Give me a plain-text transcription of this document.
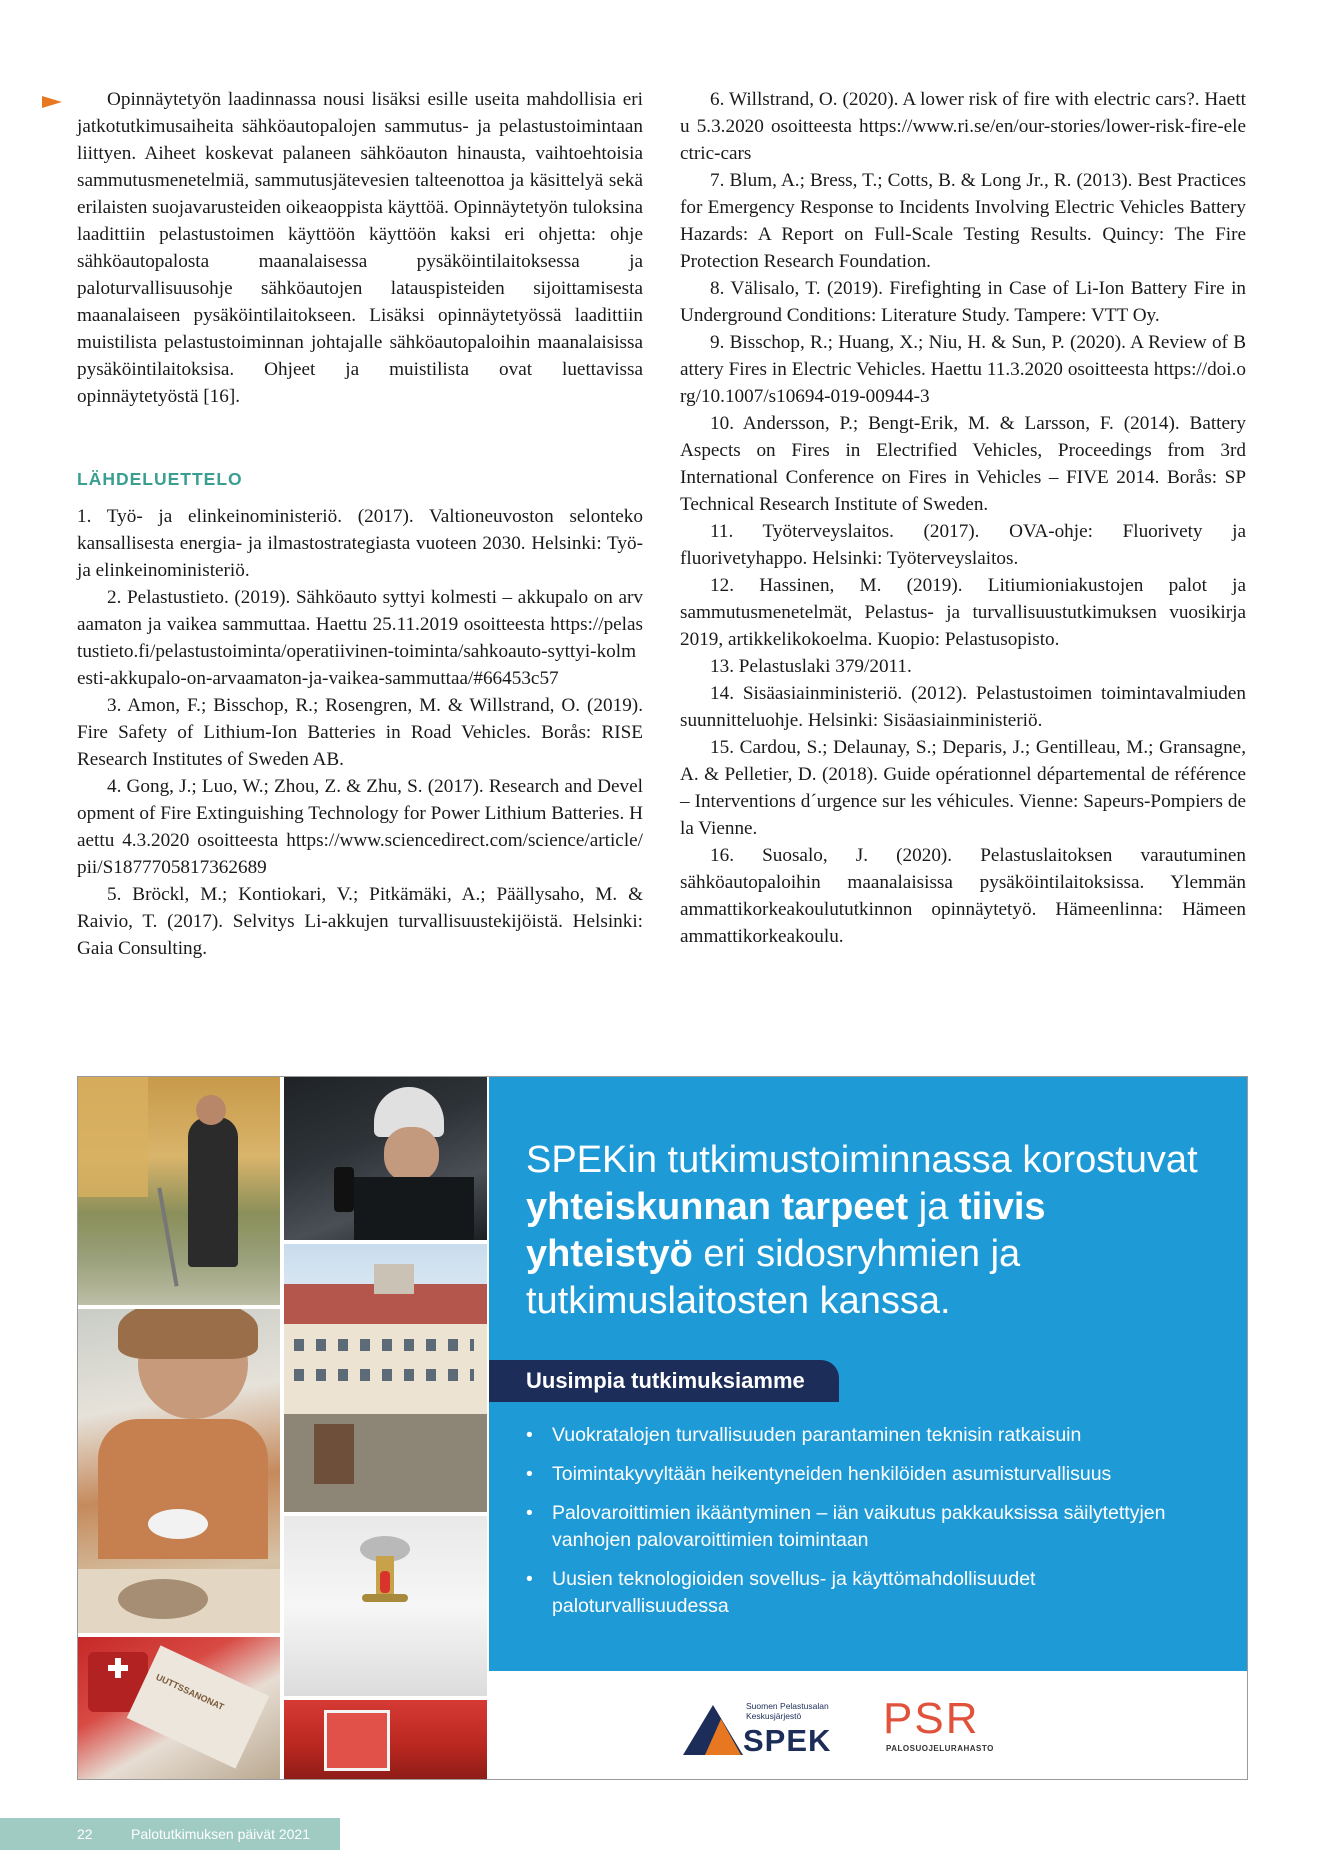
Opinnäytetyön laadinnassa nousi lisäksi esille useita mahdollisia eri jatkotutkimusaiheita sähköautopalojen sammutus- ja pelastustoimintaan liittyen. Aiheet koskevat palaneen sähköauton hinausta, vaihtoehtoisia sammutusmenetelmiä, sammutusjätevesien talteenottoa ja käsittelyä sekä erilaisten suojavarusteiden oikeaoppista käyttöä. Opinnäytetyön tuloksina laadittiin pelastustoimen käyttöön käyttöön kaksi eri ohjetta: ohje sähköautopalosta maanalaisessa pysäköintilaitoksessa ja paloturvallisuusohje sähköautojen latauspisteiden sijoittamisesta maanalaiseen pysäköintilaitokseen. Lisäksi opinnäytetyössä laadittiin muistilista pelastustoiminnan johtajalle sähköautopaloihin maanalaisissa pysäköintilaitoksisa. Ohjeet ja muistilista ovat luettavissa opinnäytetyöstä [16].

LÄHDELUETTELO

1. Työ- ja elinkeinoministeriö. (2017). Valtioneuvoston selonteko kansallisesta energia- ja ilmastostrategiasta vuoteen 2030. Helsinki: Työ- ja elinkeinoministeriö.

2. Pelastustieto. (2019). Sähköauto syttyi kolmesti – akkupalo on arvaamaton ja vaikea sammuttaa. Haettu 25.11.2019 osoitteesta https://pelastustieto.fi/pelastustoiminta/operatiivinen-toiminta/sahkoauto-syttyi-kolmesti-akkupalo-on-arvaamaton-ja-vaikea-sammuttaa/#66453c57

3. Amon, F.; Bisschop, R.; Rosengren, M. & Willstrand, O. (2019). Fire Safety of Lithium-Ion Batteries in Road Vehicles. Borås: RISE Research Institutes of Sweden AB.

4. Gong, J.; Luo, W.; Zhou, Z. & Zhu, S. (2017). Research and Development of Fire Extinguishing Technology for Power Lithium Batteries. Haettu 4.3.2020 osoitteesta https://www.sciencedirect.com/science/article/pii/S1877705817362689

5. Bröckl, M.; Kontiokari, V.; Pitkämäki, A.; Päällysaho, M. & Raivio, T. (2017). Selvitys Li-akkujen turvallisuustekijöistä. Helsinki: Gaia Consulting.

6. Willstrand, O. (2020). A lower risk of fire with electric cars?. Haettu 5.3.2020 osoitteesta https://www.ri.se/en/our-stories/lower-risk-fire-electric-cars

7. Blum, A.; Bress, T.; Cotts, B. & Long Jr., R. (2013). Best Practices for Emergency Response to Incidents Involving Electric Vehicles Battery Hazards: A Report on Full-Scale Testing Results. Quincy: The Fire Protection Research Foundation.

8. Välisalo, T. (2019). Firefighting in Case of Li-Ion Battery Fire in Underground Conditions: Literature Study. Tampere: VTT Oy.

9. Bisschop, R.; Huang, X.; Niu, H. & Sun, P. (2020). A Review of Battery Fires in Electric Vehicles. Haettu 11.3.2020 osoitteesta https://doi.org/10.1007/s10694-019-00944-3

10. Andersson, P.; Bengt-Erik, M. & Larsson, F. (2014). Battery Aspects on Fires in Electrified Vehicles, Proceedings from 3rd International Conference on Fires in Vehicles – FIVE 2014. Borås: SP Technical Research Institute of Sweden.

11. Työterveyslaitos. (2017). OVA-ohje: Fluorivety ja fluorivetyhappo. Helsinki: Työterveyslaitos.

12. Hassinen, M. (2019). Litiumioniakustojen palot ja sammutusmenetelmät, Pelastus- ja turvallisuustutkimuksen vuosikirja 2019, artikkelikokoelma. Kuopio: Pelastusopisto.

13. Pelastuslaki 379/2011.

14. Sisäasiainministeriö. (2012). Pelastustoimen toimintavalmiuden suunnitteluohje. Helsinki: Sisäasiainministeriö.

15. Cardou, S.; Delaunay, S.; Deparis, J.; Gentilleau, M.; Gransagne, A. & Pelletier, D. (2018). Guide opérationnel départemental de référence – Interventions d´urgence sur les véhicules. Vienne: Sapeurs-Pompiers de la Vienne.

16. Suosalo, J. (2020). Pelastuslaitoksen varautuminen sähköautopaloihin maanalaisissa pysäköintilaitoksissa. Ylemmän ammattikorkeakoulututkinnon opinnäytetyö. Hämeenlinna: Hämeen ammattikorkeakoulu.

UUTTSSANONAT
SPEKin tutkimustoiminnassa korostuvat yhteiskunnan tarpeet ja tiivis yhteistyö eri sidosryhmien ja tutkimuslaitosten kanssa.
Uusimpia tutkimuksiamme
• Vuokratalojen turvallisuuden parantaminen teknisin ratkaisuin
• Toimintakyvyltään heikentyneiden henkilöiden asumisturvallisuus
• Palovaroittimien ikääntyminen – iän vaikutus pakkauksissa säilytettyjen vanhojen palovaroittimien toimintaan
• Uusien teknologioiden sovellus- ja käyttömahdollisuudet paloturvallisuudessa
Suomen Pelastusalan Keskusjärjestö
SPEK PSR
PALOSUOJELURAHASTO
22	Palotutkimuksen päivät 2021
